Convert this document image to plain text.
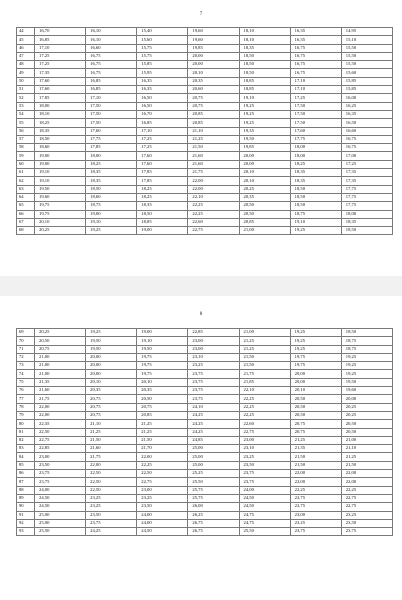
7
44	16,70	16,10	15,40	19,60	18,10	16,35	14,95
45	16,85	16,10	15,60	19,60	18,10	16,35	15,10
46	17,10	16,60	15,75	19,85	18,35	16,75	15,50
47	17,25	16,75	15,75	20,00	18,50	16,75	15,50
48	17,25	16,75	15,85	20,00	18,50	16,75	15,50
49	17,35	16,75	15,95	20,10	18,50	16,75	15,60
50	17,60	16,85	16,35	20,35	18,85	17,10	15,85
51	17,60	16,85	16,35	20,60	18,85	17,10	15,85
52	17,85	17,10	16,50	20,75	19,10	17,25	16,00
53	18,00	17,50	16,50	20,75	19,25	17,50	16,25
54	18,10	17,50	16,70	20,85	19,25	17,50	16,35
55	18,25	17,50	16,85	20,85	19,25	17,50	16,50
56	18,35	17,60	17,10	21,10	19,35	17,60	16,60
57	18,50	17,75	17,25	21,25	19,50	17,75	16,75
58	18,60	17,85	17,25	21,50	19,85	18,00	16,75
59	19,00	18,00	17,60	21,60	20,00	18,00	17,00
60	19,00	18,25	17,60	21,60	20,00	18,25	17,25
61	19,10	18,35	17,85	21,75	20,10	18,35	17,35
62	19,10	18,35	17,85	22,00	20,10	18,35	17,35
63	19,50	18,50	18,25	22,00	20,25	18,50	17,75
64	19,60	18,60	18,25	22,10	20,35	18,50	17,75
65	19,75	18,75	18,35	22,25	20,50	18,50	17,75
66	19,75	19,00	18,50	22,25	20,50	18,75	18,00
67	20,10	19,10	18,85	22,60	20,85	19,10	18,35
68	20,25	19,25	19,00	22,75	21,00	19,25	18,50
8
69	20,25	19,25	19,00	22,85	21,00	19,25	18,50
70	20,50	19,50	19,10	23,00	21,25	19,25	18,75
71	20,75	19,50	19,50	23,00	21,25	19,25	18,75
72	21,00	20,00	19,75	23,10	21,50	19,75	19,25
73	21,00	20,00	19,75	23,25	21,50	19,75	19,25
74	21,00	20,00	19,75	23,75	21,75	20,00	19,25
75	21,35	20,10	20,10	23,75	21,85	20,00	19,50
76	21,60	20,35	20,35	23,75	22,10	20,10	19,60
77	21,75	20,75	20,50	23,75	22,25	20,50	20,00
78	22,00	20,75	20,75	24,10	22,25	20,50	20,25
79	22,00	20,75	20,85	24,25	22,25	20,50	20,25
80	22,35	21,10	21,25	24,25	22,60	20,75	20,50
81	22,50	21,25	21,25	24,25	22,75	20,75	20,50
82	22,75	21,50	21,50	24,85	23,00	21,25	21,00
83	22,85	21,60	21,70	25,00	23,10	21,35	21,10
84	23,00	21,75	22,00	25,00	23,25	21,50	21,25
85	23,50	22,00	22,25	25,00	23,50	21,50	21,50
86	23,75	22,50	22,50	25,25	23,75	22,00	22,00
87	23,75	22,50	22,75	25,50	23,75	22,00	22,00
88	24,00	22,50	23,00	25,75	24,00	22,25	22,25
89	24,50	23,25	23,25	25,75	24,50	22,75	22,75
90	24,50	23,25	23,50	26,00	24,50	22,75	22,75
91	25,00	23,50	24,00	26,25	24,75	23,00	23,25
92	25,00	23,75	24,00	26,75	24,75	23,25	23,50
93	25,50	24,25	24,50	26,75	25,50	23,75	23,75
